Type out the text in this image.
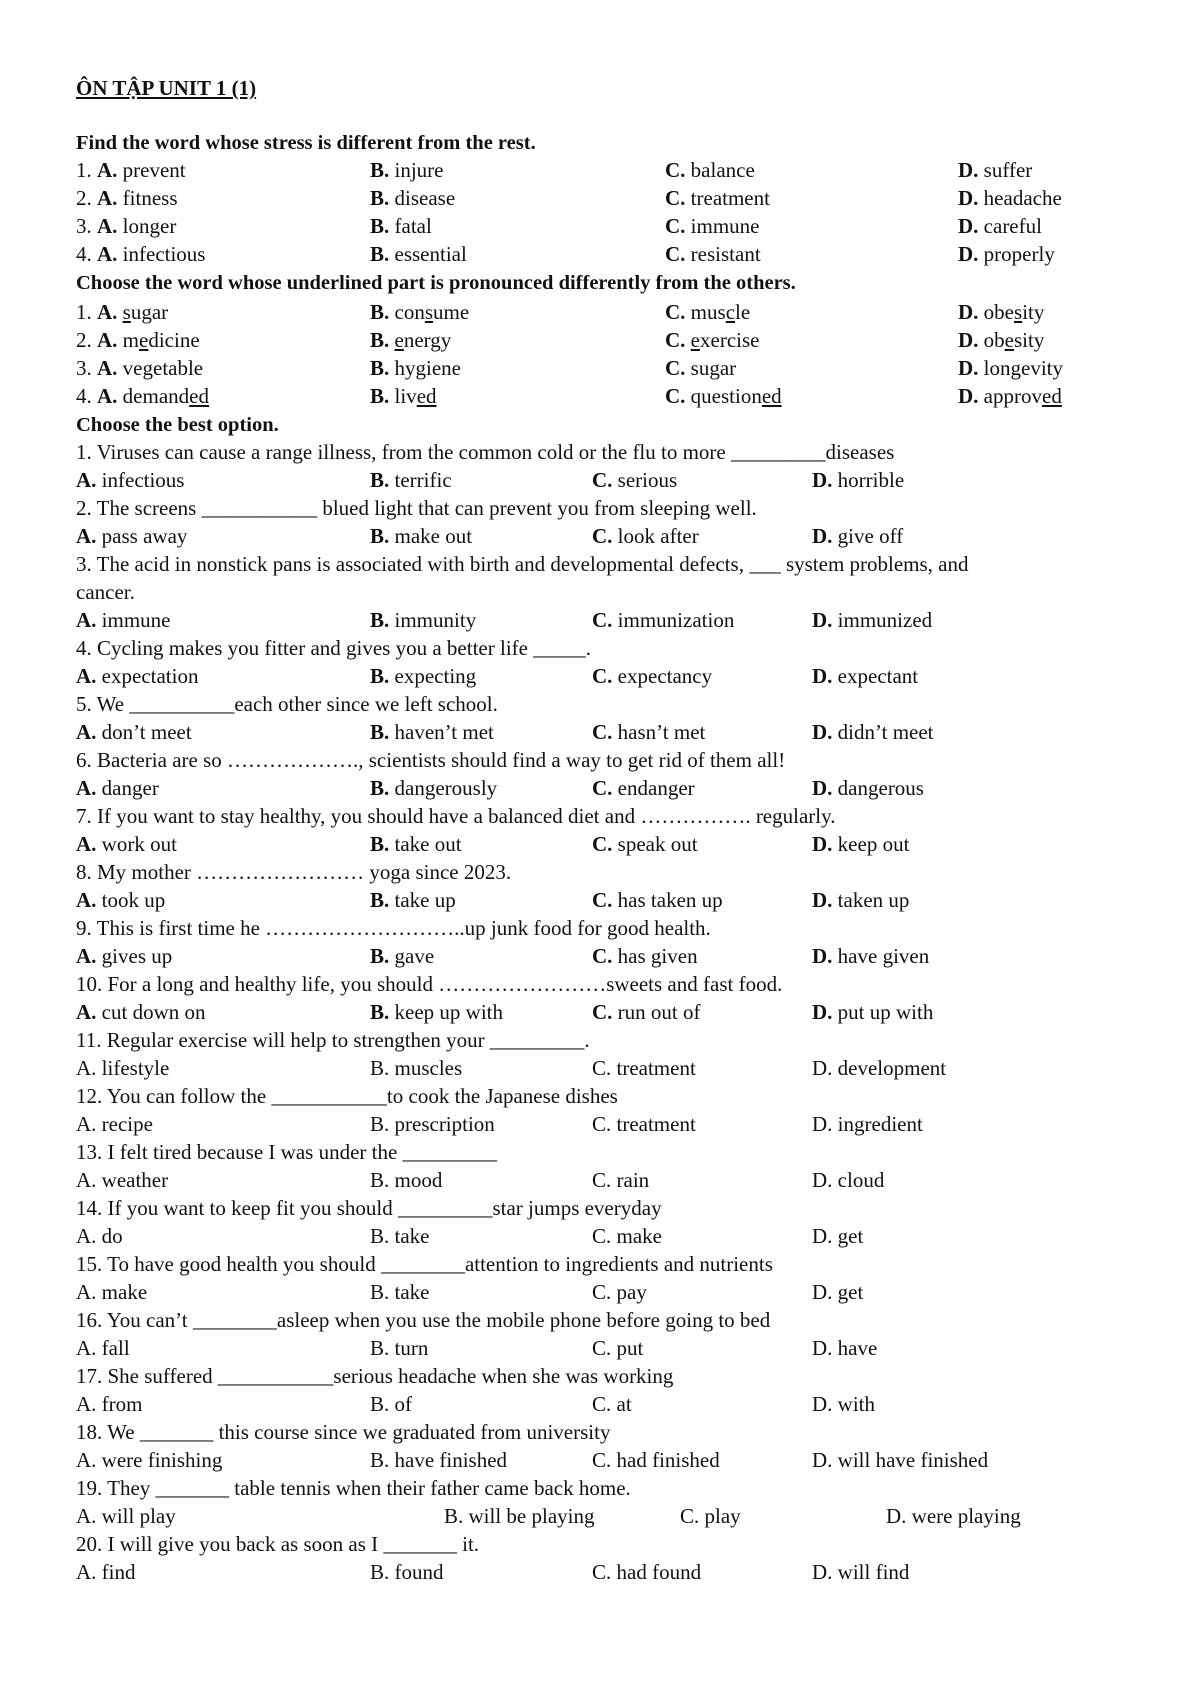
ÔN TẬP UNIT 1 (1)
Find the word whose stress is different from the rest.
1. A. prevent	B. injure	C. balance	D. suffer
2. A. fitness	B. disease	C. treatment	D. headache
3. A. longer	B. fatal	C. immune	D. careful
4. A. infectious	B. essential	C. resistant	D. properly
Choose the word whose underlined part is pronounced differently from the others.
1. A. sugar	B. consume	C. muscle	D. obesity
2. A. medicine	B. energy	C. exercise	D. obesity
3. A. vegetable	B. hygiene	C. sugar	D. longevity
4. A. demanded	B. lived	C. questioned	D. approved
Choose the best option.
1. Viruses can cause a range illness, from the common cold or the flu to more _________diseases
A. infectious	B. terrific	C. serious	D. horrible
2. The screens ___________ blued light that can prevent you from sleeping well.
A. pass away	B. make out	C. look after	D. give off
3. The acid in nonstick pans is associated with birth and developmental defects, ___ system problems, and
cancer.
A. immune	B. immunity	C. immunization	D. immunized
4. Cycling makes you fitter and gives you a better life _____.
A. expectation	B. expecting	C. expectancy	D. expectant
5. We __________each other since we left school.
A. don’t meet	B. haven’t met	C. hasn’t met	D. didn’t meet
6. Bacteria are so ………………., scientists should find a way to get rid of them all!
A. danger	B. dangerously	C. endanger	D. dangerous
7. If you want to stay healthy, you should have a balanced diet and ……………. regularly.
A. work out	B. take out	C. speak out	D. keep out
8. My mother …………………… yoga since 2023.
A. took up	B. take up	C. has taken up	D. taken up
9. This is first time he ………………………..up junk food for good health.
A. gives up	B. gave	C. has given	D. have given
10. For a long and healthy life, you should ……………………sweets and fast food.
A. cut down on	B. keep up with	C. run out of	D. put up with
11. Regular exercise will help to strengthen your _________.
A. lifestyle	B. muscles	C. treatment	D. development
12. You can follow the ___________to cook the Japanese dishes
A. recipe	B. prescription	C. treatment	D. ingredient
13. I felt tired because I was under the _________
A. weather	B. mood	C. rain	D. cloud
14. If you want to keep fit you should _________star jumps everyday
A. do	B. take	C. make	D. get
15. To have good health you should ________attention to ingredients and nutrients
A. make	B. take	C. pay	D. get
16. You can’t ________asleep when you use the mobile phone before going to bed
A. fall	B. turn	C. put	D. have
17. She suffered ___________serious headache when she was working
A. from	B. of	C. at	D. with
18. We _______ this course since we graduated from university
A. were finishing	B. have finished	C. had finished	D. will have finished
19. They _______ table tennis when their father came back home.
A. will play	B. will be playing	C. play	D. were playing
20. I will give you back as soon as I _______ it.
A. find	B. found	C. had found	D. will find
